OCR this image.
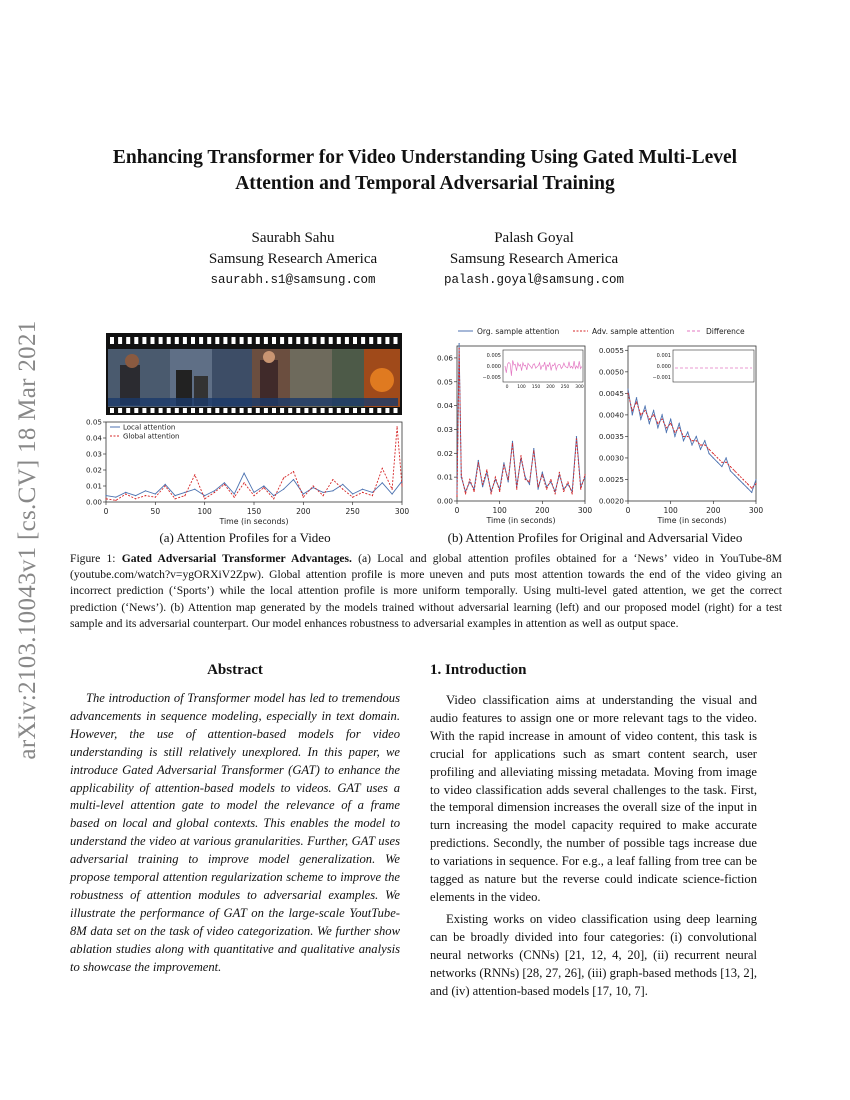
arXiv:2103.10043v1 [cs.CV] 18 Mar 2021
Enhancing Transformer for Video Understanding Using Gated Multi-Level
Attention and Temporal Adversarial Training
Saurabh Sahu
Samsung Research America
saurabh.s1@samsung.com
Palash Goyal
Samsung Research America
palash.goyal@samsung.com
0	50	100	150	200	250	300
0.00
0.01
0.02
0.03
0.04
0.05
Time (in seconds)
Local attention
Global attention
Org. sample attention	Adv. sample attention	Difference
0	100	200	300
0.00
0.01
0.02
0.03
0.04
0.05
0.06
Time (in seconds)
0.005
0.000
−0.005
0 100 150 200 250 300
0	100	200	300
0.0020
0.0025
0.0030
0.0035
0.0040
0.0045
0.0050
0.0055
Time (in seconds)
0.001
0.000
−0.001
(a) Attention Profiles for a Video	(b) Attention Profiles for Original and Adversarial Video
Figure 1: Gated Adversarial Transformer Advantages. (a) Local and global attention profiles obtained for a ‘News’ video in YouTube-8M (youtube.com/watch?v=ygORXiV2Zpw). Global attention profile is more uneven and puts most attention towards the end of the video giving an incorrect prediction (‘Sports’) while the local attention profile is more uniform temporally. Using multi-level gated attention, we get the correct prediction (‘News’). (b) Attention map generated by the models trained without adversarial learning (left) and our proposed model (right) for a test sample and its adversarial counterpart. Our model enhances robustness to adversarial examples in attention as well as output space.
Abstract

The introduction of Transformer model has led to tremendous advancements in sequence modeling, especially in text domain. However, the use of attention-based models for video understanding is still relatively unexplored. In this paper, we introduce Gated Adversarial Transformer (GAT) to enhance the applicability of attention-based models to videos. GAT uses a multi-level attention gate to model the relevance of a frame based on local and global contexts. This enables the model to understand the video at various granularities. Further, GAT uses adversarial training to improve model generalization. We propose temporal attention regularization scheme to improve the robustness of attention modules to adversarial examples. We illustrate the performance of GAT on the large-scale YoutTube-8M data set on the task of video categorization. We further show ablation studies along with quantitative and qualitative analysis to showcase the improvement.

1. Introduction

Video classification aims at understanding the visual and audio features to assign one or more relevant tags to the video. With the rapid increase in amount of video content, this task is crucial for applications such as smart content search, user profiling and alleviating missing metadata. Moving from image to video classification adds several challenges to the task. First, the temporal dimension increases the overall size of the input in turn increasing the model capacity required to make accurate predictions. Secondly, the number of possible tags increase due to variations in sequence. For e.g., a leaf falling from tree can be tagged as nature but the reverse could indicate science-fiction elements in the video.

Existing works on video classification using deep learning can be broadly divided into four categories: (i) convolutional neural networks (CNNs) [21, 12, 4, 20], (ii) recurrent neural networks (RNNs) [28, 27, 26], (iii) graph-based methods [13, 2], and (iv) attention-based models [17, 10, 7].
